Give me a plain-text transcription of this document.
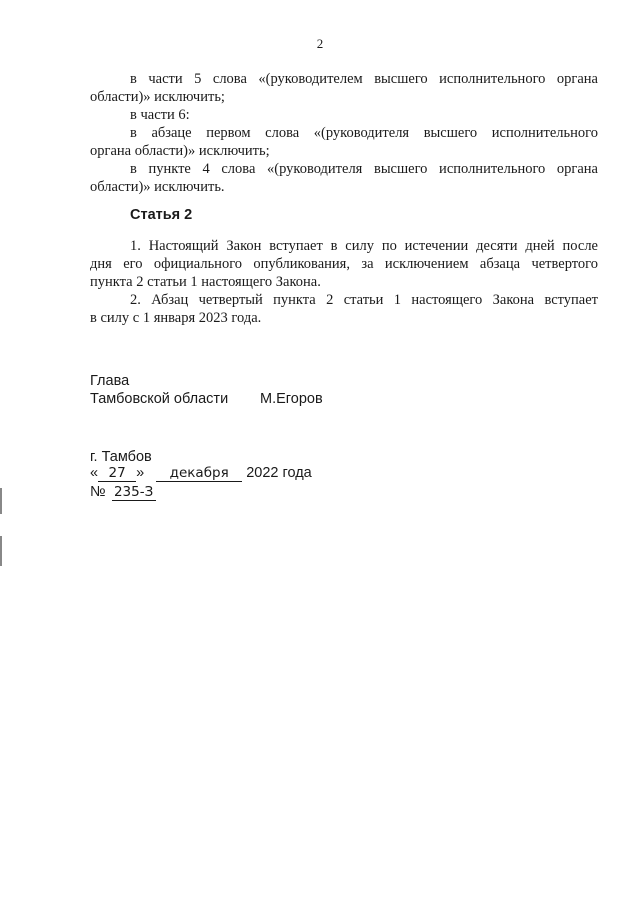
2
в части 5 слова «(руководителем высшего исполнительного органа
области)» исключить;
в части 6:
в абзаце первом слова «(руководителя высшего исполнительного
органа области)» исключить;
в пункте 4 слова «(руководителя высшего исполнительного органа
области)» исключить.
Статья 2
1. Настоящий Закон вступает в силу по истечении десяти дней после
дня его официального опубликования, за исключением абзаца четвертого
пункта 2 статьи 1 настоящего Закона.
2. Абзац четвертый пункта 2 статьи 1 настоящего Закона вступает
в силу с 1 января 2023 года.
Глава
Тамбовской области М.Егоров
г. Тамбов
« 27 » декабря 2022 года
№ 235-З
